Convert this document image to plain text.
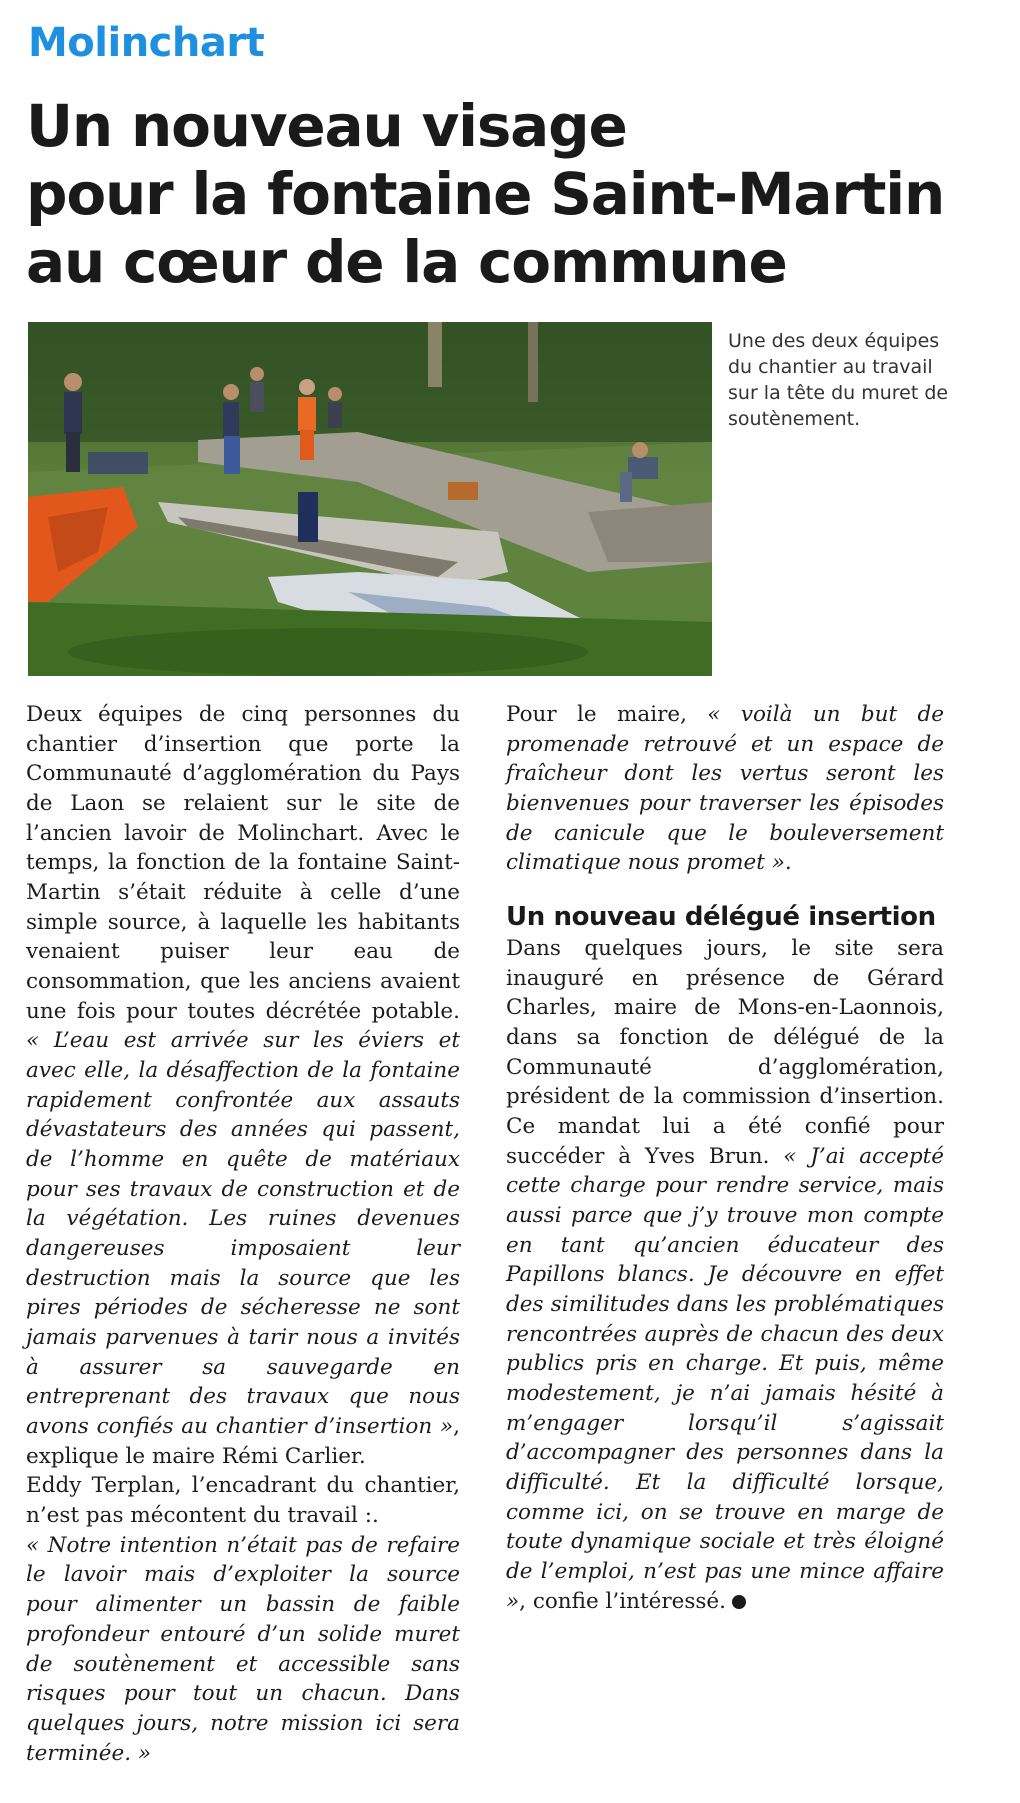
Molinchart
Un nouveau visage
pour la fontaine Saint-Martin
au cœur de la commune
Une des deux équipes du chantier au travail sur la tête du muret de soutènement.

Deux équipes de cinq personnes du chantier d’insertion que porte la Communauté d’agglomération du Pays de Laon se relaient sur le site de l’ancien lavoir de Molinchart. Avec le temps, la fonction de la fontaine Saint-Martin s’était réduite à celle d’une simple source, à laquelle les habitants venaient puiser leur eau de consommation, que les anciens avaient une fois pour toutes décrétée potable. « L’eau est arrivée sur les éviers et avec elle, la désaffection de la fontaine rapidement confrontée aux assauts dévastateurs des années qui passent, de l’homme en quête de matériaux pour ses travaux de construction et de la végétation. Les ruines devenues dangereuses imposaient leur destruction mais la source que les pires périodes de sécheresse ne sont jamais parvenues à tarir nous a invités à assurer sa sauvegarde en entreprenant des travaux que nous avons confiés au chantier d’insertion », explique le maire Rémi Carlier.

Eddy Terplan, l’encadrant du chantier, n’est pas mécontent du travail :.
« Notre intention n’était pas de refaire le lavoir mais d’exploiter la source pour alimenter un bassin de faible profondeur entouré d’un solide muret de soutènement et accessible sans risques pour tout un chacun. Dans quelques jours, notre mission ici sera terminée. »

Pour le maire, « voilà un but de promenade retrouvé et un espace de fraîcheur dont les vertus seront les bienvenues pour traverser les épisodes de canicule que le bouleversement climatique nous promet ».

Un nouveau délégué insertion

Dans quelques jours, le site sera inauguré en présence de Gérard Charles, maire de Mons-en-Laonnois, dans sa fonction de délégué de la Communauté d’agglomération, président de la commission d’insertion. Ce mandat lui a été confié pour succéder à Yves Brun. « J’ai accepté cette charge pour rendre service, mais aussi parce que j’y trouve mon compte en tant qu’ancien éducateur des Papillons blancs. Je découvre en effet des similitudes dans les problématiques rencontrées auprès de chacun des deux publics pris en charge. Et puis, même modestement, je n’ai jamais hésité à m’engager lorsqu’il s’agissait d’accompagner des personnes dans la difficulté. Et la difficulté lorsque, comme ici, on se trouve en marge de toute dynamique sociale et très éloigné de l’emploi, n’est pas une mince affaire », confie l’intéressé.
